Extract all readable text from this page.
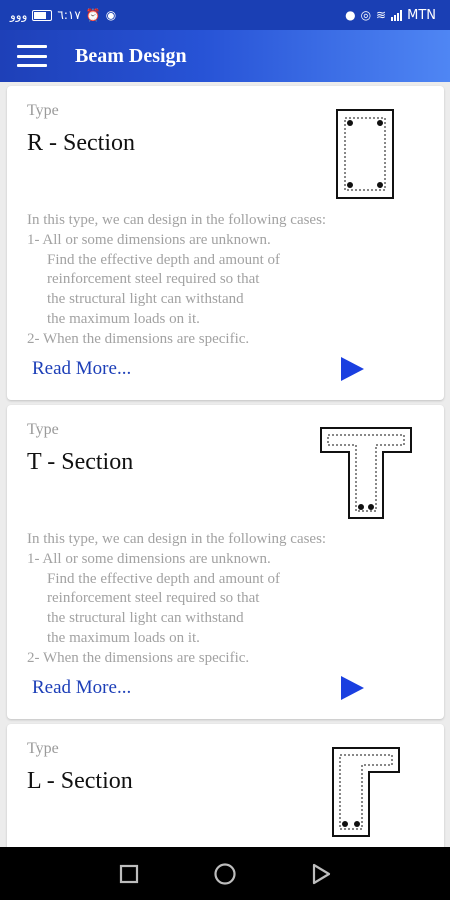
ووو	٦:١٧ ⏰ ◉	● ◎ ≋ MTN
Beam Design
Type
R - Section
In this type, we can design in the following cases:
1- All or some dimensions are unknown.
Find the effective depth and amount of
reinforcement steel required so that
the structural light can withstand
the maximum loads on it.
2- When the dimensions are specific.
Read More...
Type
T - Section
In this type, we can design in the following cases:
1- All or some dimensions are unknown.
Find the effective depth and amount of
reinforcement steel required so that
the structural light can withstand
the maximum loads on it.
2- When the dimensions are specific.
Read More...
Type
L - Section
